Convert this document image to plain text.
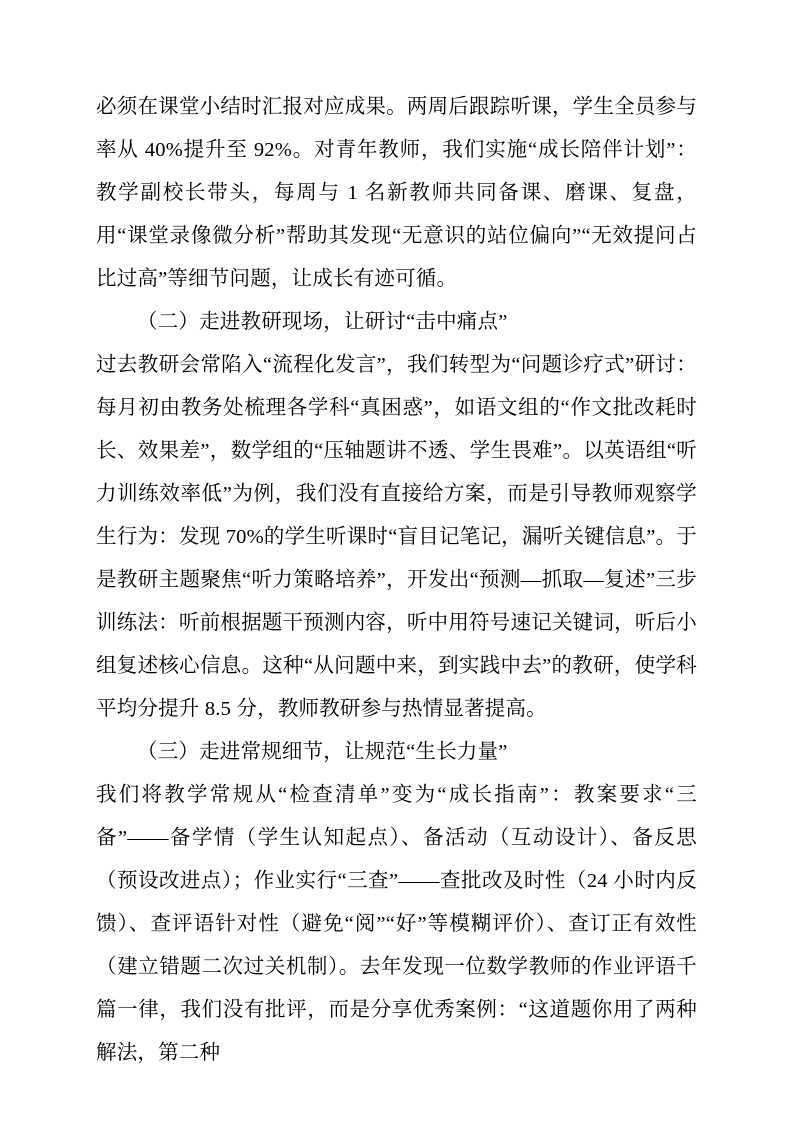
必须在课堂小结时汇报对应成果。两周后跟踪听课，学生全员参与率从 40%提升至 92%。对青年教师，我们实施“成长陪伴计划”：教学副校长带头，每周与 1 名新教师共同备课、磨课、复盘，用“课堂录像微分析”帮助其发现“无意识的站位偏向”“无效提问占比过高”等细节问题，让成长有迹可循。

（二）走进教研现场，让研讨“击中痛点”

过去教研会常陷入“流程化发言”，我们转型为“问题诊疗式”研讨：每月初由教务处梳理各学科“真困惑”，如语文组的“作文批改耗时长、效果差”，数学组的“压轴题讲不透、学生畏难”。以英语组“听力训练效率低”为例，我们没有直接给方案，而是引导教师观察学生行为：发现 70%的学生听课时“盲目记笔记，漏听关键信息”。于是教研主题聚焦“听力策略培养”，开发出“预测—抓取—复述”三步训练法：听前根据题干预测内容，听中用符号速记关键词，听后小组复述核心信息。这种“从问题中来，到实践中去”的教研，使学科平均分提升 8.5 分，教师教研参与热情显著提高。

（三）走进常规细节，让规范“生长力量”

我们将教学常规从“检查清单”变为“成长指南”：教案要求“三备”——备学情（学生认知起点）、备活动（互动设计）、备反思（预设改进点）；作业实行“三查”——查批改及时性（24 小时内反馈）、查评语针对性（避免“阅”“好”等模糊评价）、查订正有效性（建立错题二次过关机制）。去年发现一位数学教师的作业评语千篇一律，我们没有批评，而是分享优秀案例：“这道题你用了两种解法，第二种
